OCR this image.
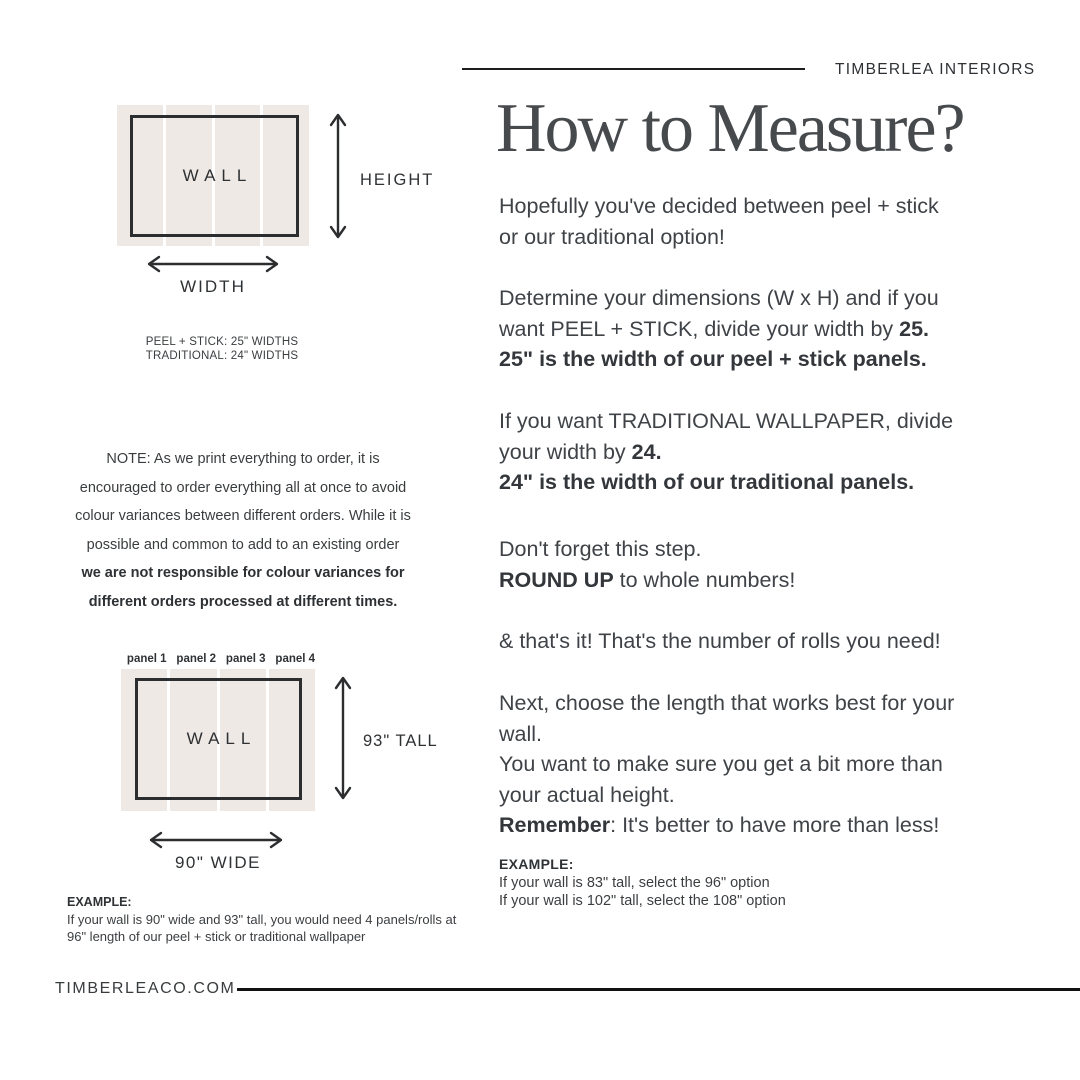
TIMBERLEA INTERIORS
How to Measure?

Hopefully you've decided between peel + stick
or our traditional option!

Determine your dimensions (W x H) and if you
want PEEL + STICK, divide your width by 25.
25" is the width of our peel + stick panels.

If you want TRADITIONAL WALLPAPER, divide
your width by 24.
24" is the width of our traditional panels.

Don't forget this step.
ROUND UP to whole numbers!

& that's it! That's the number of rolls you need!

Next, choose the length that works best for your
wall.
You want to make sure you get a bit more than
your actual height.
Remember: It's better to have more than less!

EXAMPLE:
If your wall is 83" tall, select the 96" option
If your wall is 102" tall, select the 108" option
WALL	HEIGHT
WIDTH
PEEL + STICK: 25" WIDTHS
TRADITIONAL: 24" WIDTHS
NOTE: As we print everything to order, it is
encouraged to order everything all at once to avoid
colour variances between different orders. While it is
possible and common to add to an existing order
we are not responsible for colour variances for
different orders processed at different times.
panel 1 panel 2 panel 3 panel 4
WALL	93" TALL
90" WIDE
EXAMPLE:
If your wall is 90" wide and 93" tall, you would need 4 panels/rolls at
96" length of our peel + stick or traditional wallpaper
TIMBERLEACO.COM
